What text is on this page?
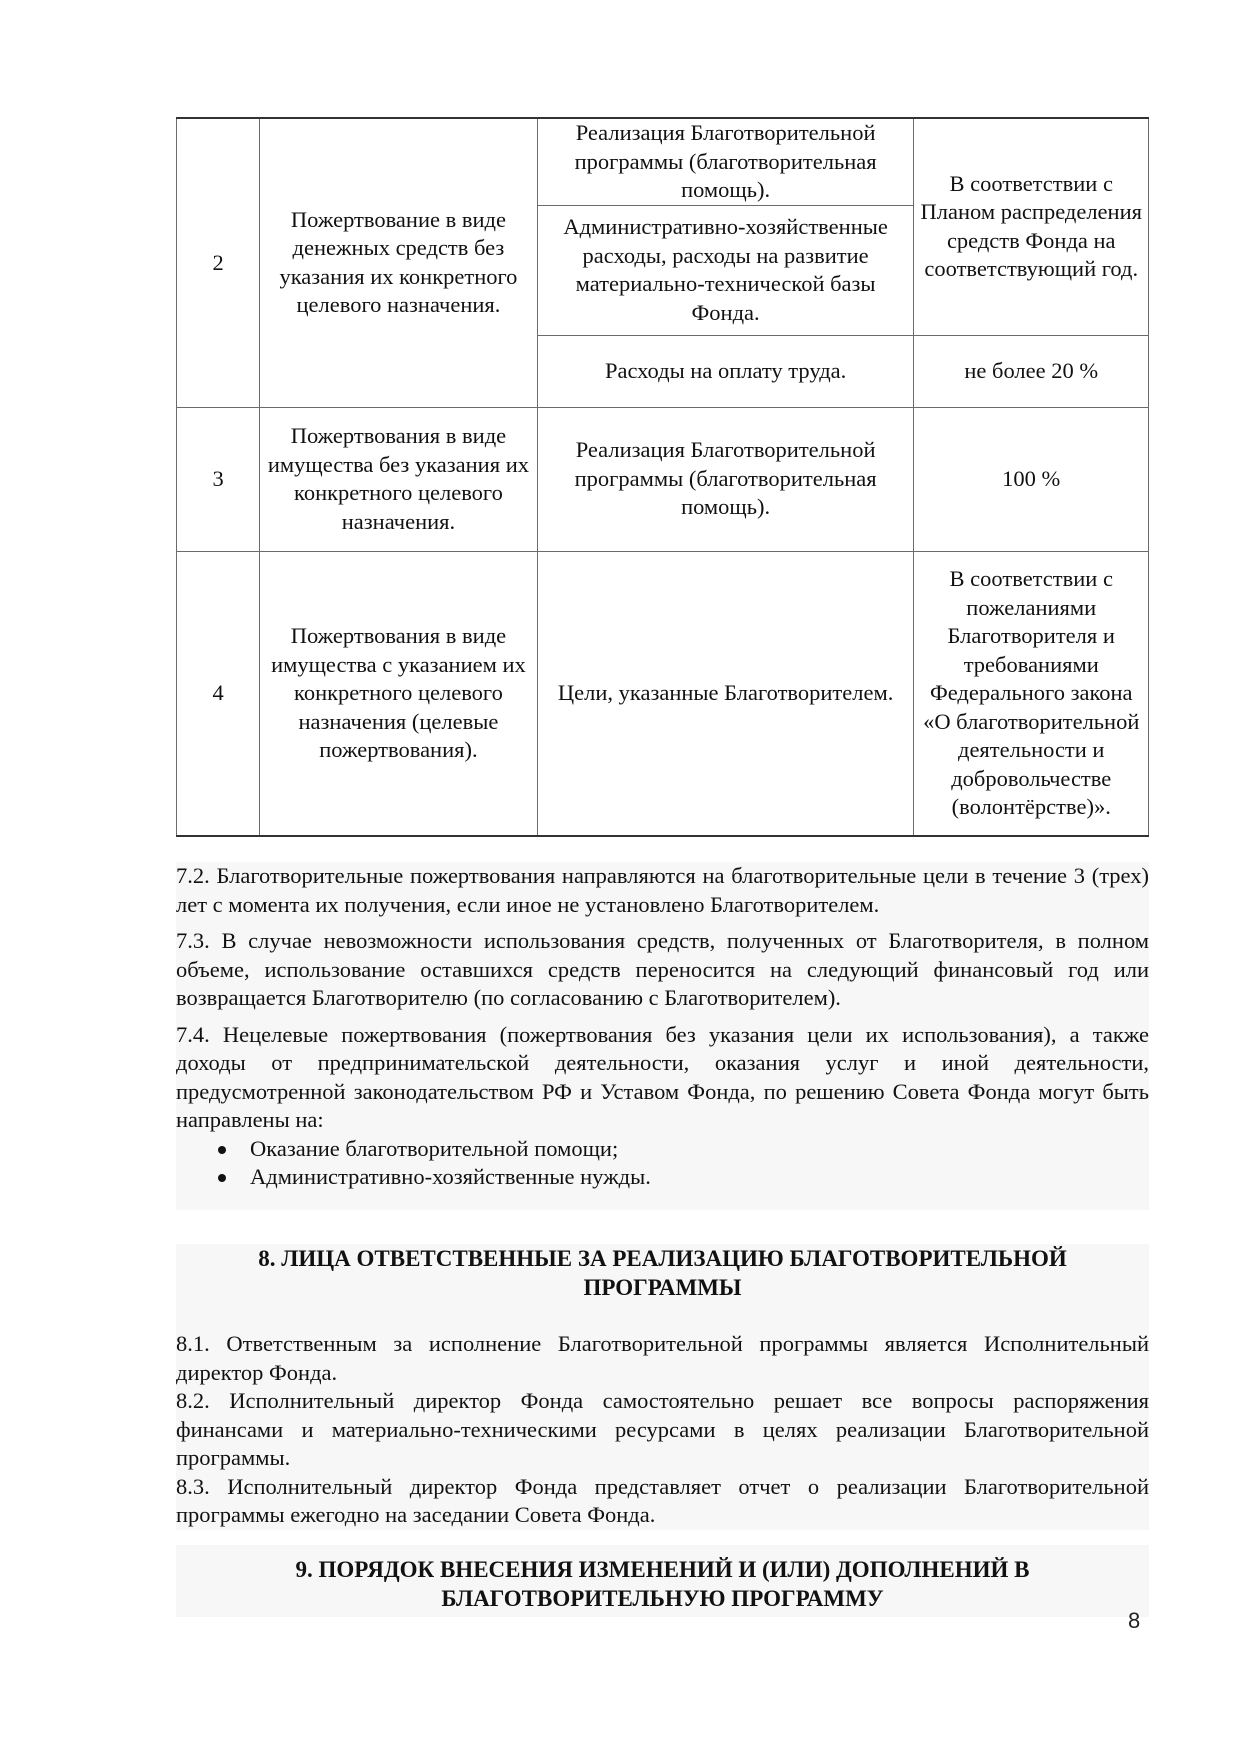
2	Пожертвование в виде денежных средств без указания их конкретного целевого назначения.	Реализация Благотворительной программы (благотворительная помощь).	В соответствии с Планом распределения средств Фонда на соответствующий год.
		Административно-хозяйственные расходы, расходы на развитие материально-технической базы Фонда.	
		Расходы на оплату труда.	не более 20 %
3	Пожертвования в виде имущества без указания их конкретного целевого назначения.	Реализация Благотворительной программы (благотворительная помощь).	100 %
4	Пожертвования в виде имущества с указанием их конкретного целевого назначения (целевые пожертвования).	Цели, указанные Благотворителем.	В соответствии с пожеланиями Благотворителя и требованиями Федерального закона «О благотворительной деятельности и добровольчестве (волонтёрстве)».

7.2. Благотворительные пожертвования направляются на благотворительные цели в течение 3 (трех) лет с момента их получения, если иное не установлено Благотворителем.

7.3. В случае невозможности использования средств, полученных от Благотворителя, в полном объеме, использование оставшихся средств переносится на следующий финансовый год или возвращается Благотворителю (по согласованию с Благотворителем).

7.4. Нецелевые пожертвования (пожертвования без указания цели их использования), а также доходы от предпринимательской деятельности, оказания услуг и иной деятельности, предусмотренной законодательством РФ и Уставом Фонда, по решению Совета Фонда могут быть направлены на:

Оказание благотворительной помощи;
Административно-хозяйственные нужды.
8. ЛИЦА ОТВЕТСТВЕННЫЕ ЗА РЕАЛИЗАЦИЮ БЛАГОТВОРИТЕЛЬНОЙ ПРОГРАММЫ

8.1. Ответственным за исполнение Благотворительной программы является Исполнительный директор Фонда.

8.2. Исполнительный директор Фонда самостоятельно решает все вопросы распоряжения финансами и материально-техническими ресурсами в целях реализации Благотворительной программы.

8.3. Исполнительный директор Фонда представляет отчет о реализации Благотворительной программы ежегодно на заседании Совета Фонда.

9. ПОРЯДОК ВНЕСЕНИЯ ИЗМЕНЕНИЙ И (ИЛИ) ДОПОЛНЕНИЙ В БЛАГОТВОРИТЕЛЬНУЮ ПРОГРАММУ
8
